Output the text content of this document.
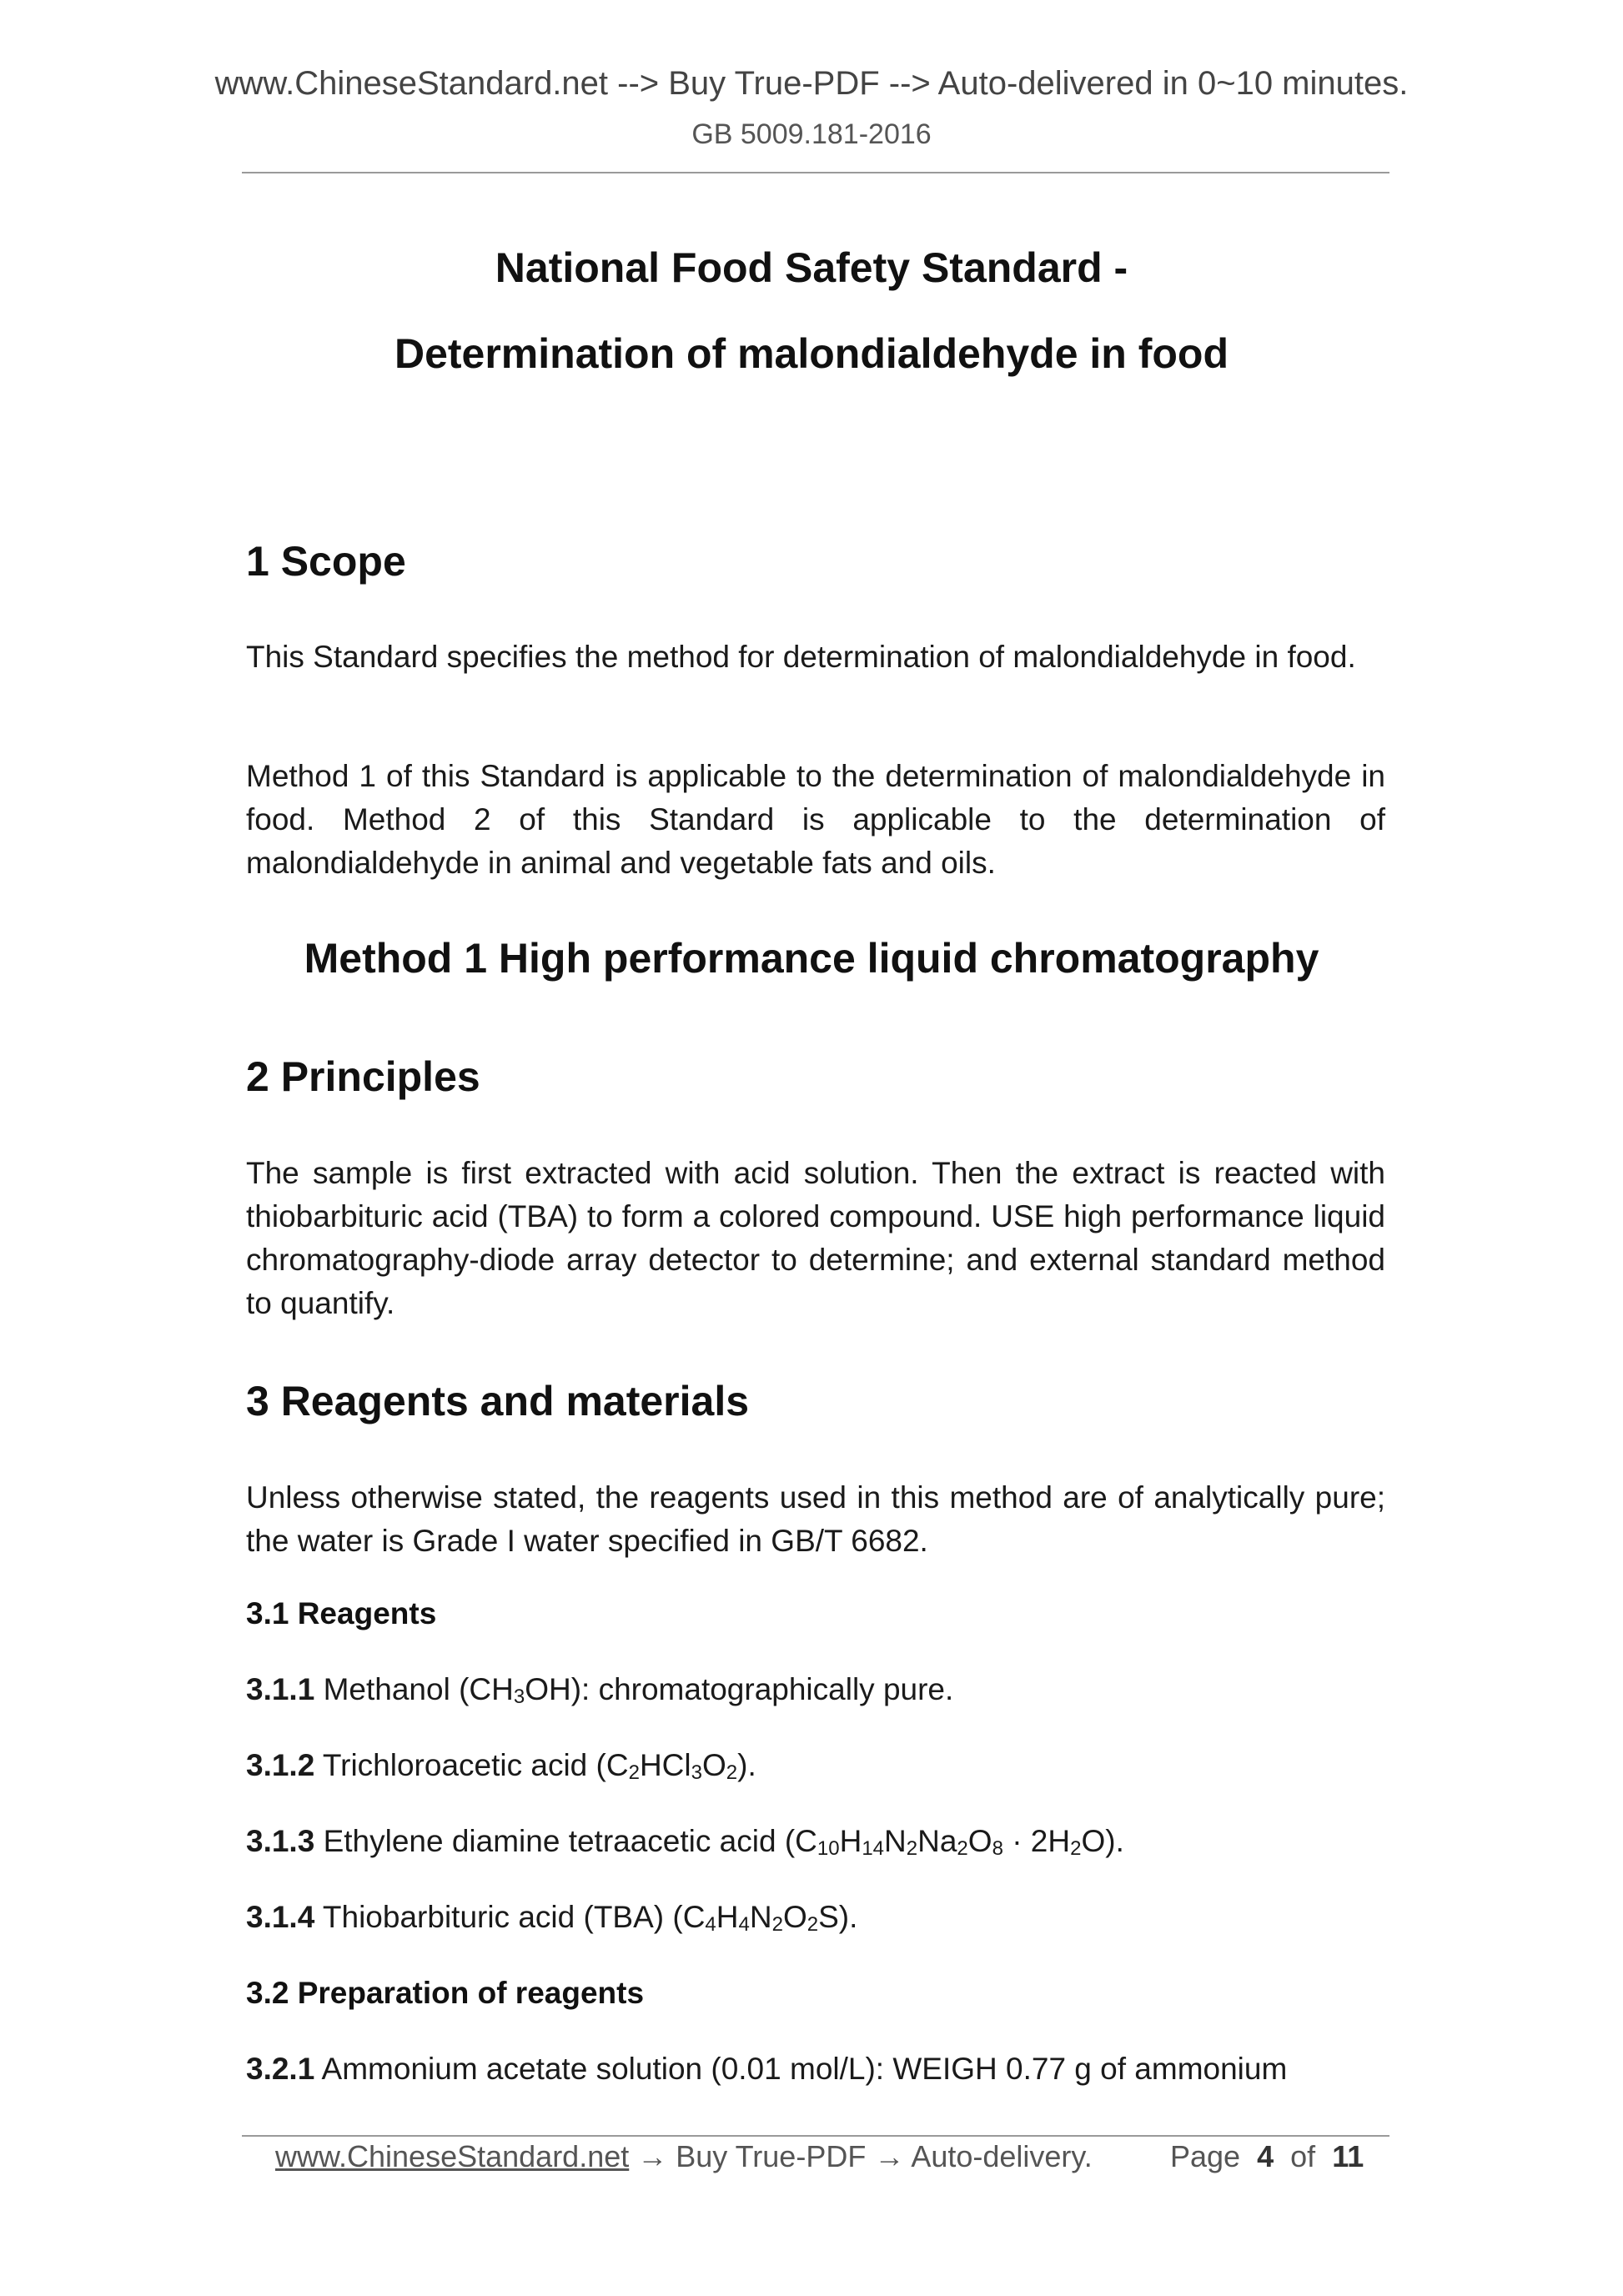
www.ChineseStandard.net --> Buy True-PDF --> Auto-delivered in 0~10 minutes.
GB 5009.181-2016
National Food Safety Standard -
Determination of malondialdehyde in food
1 Scope
This Standard specifies the method for determination of malondialdehyde in food.
Method 1 of this Standard is applicable to the determination of malondialdehyde in food. Method 2 of this Standard is applicable to the determination of malondialdehyde in animal and vegetable fats and oils.
Method 1 High performance liquid chromatography
2 Principles
The sample is first extracted with acid solution. Then the extract is reacted with thiobarbituric acid (TBA) to form a colored compound. USE high performance liquid chromatography-diode array detector to determine; and external standard method to quantify.
3 Reagents and materials
Unless otherwise stated, the reagents used in this method are of analytically pure; the water is Grade I water specified in GB/T 6682.
3.1 Reagents
3.1.1 Methanol $(CH_3OH)$: chromatographically pure.
3.1.2 Trichloroacetic acid $(C_2HCl_3O_2)$.
3.1.3 Ethylene diamine tetraacetic acid $(C_{10}H_{14}N_2Na_2O_8 \cdot 2H_2O)$.
3.1.4 Thiobarbituric acid (TBA) $(C_4H_4N_2O_2S)$.
3.2 Preparation of reagents
3.2.1 Ammonium acetate solution (0.01 mol/L): WEIGH 0.77 g of ammonium
www.ChineseStandard.net → Buy True-PDF → Auto-delivery.	Page 4 of 11
